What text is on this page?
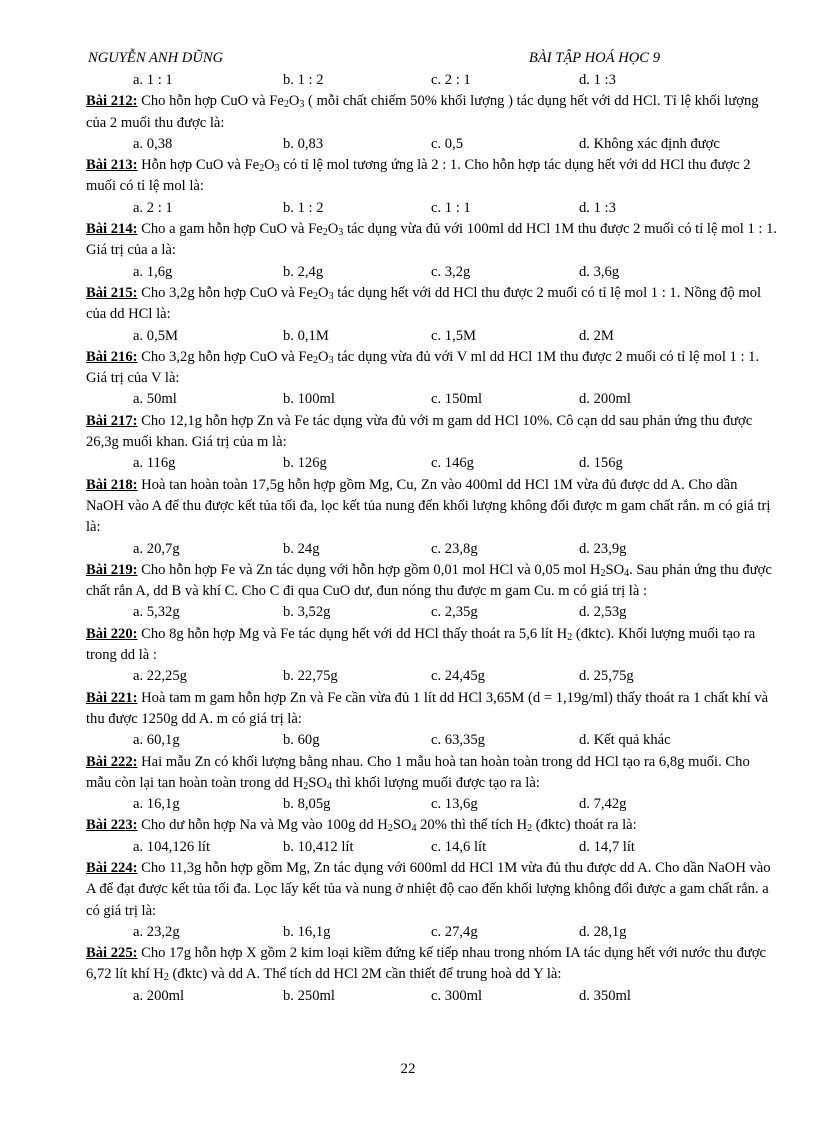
NGUYỄN ANH DŨNG	BÀI TẬP HOÁ HỌC 9
a. 1 : 1	b. 1 : 2	c. 2 : 1	d. 1 :3

Bài 212: Cho hỗn hợp CuO và $Fe_2O_3$ ( mỗi chất chiếm 50% khối lượng ) tác dụng hết với dd HCl. Tỉ lệ khối lượng của 2 muối thu được là:

a. 0,38	b. 0,83	c. 0,5	d. Không xác định được

Bài 213: Hỗn hợp CuO và $Fe_2O_3$ có tỉ lệ mol tương ứng là 2 : 1. Cho hỗn hợp tác dụng hết với dd HCl thu được 2 muối có tỉ lệ mol là:

a. 2 : 1	b. 1 : 2	c. 1 : 1	d. 1 :3

Bài 214: Cho a gam hỗn hợp CuO và $Fe_2O_3$ tác dụng vừa đủ với 100ml dd HCl 1M thu được 2 muối có tỉ lệ mol 1 : 1. Giá trị của a là:

a. 1,6g	b. 2,4g	c. 3,2g	d. 3,6g

Bài 215: Cho 3,2g hỗn hợp CuO và $Fe_2O_3$ tác dụng hết với dd HCl thu được 2 muối có tỉ lệ mol 1 : 1. Nồng độ mol của dd HCl là:

a. 0,5M	b. 0,1M	c. 1,5M	d. 2M

Bài 216: Cho 3,2g hỗn hợp CuO và $Fe_2O_3$ tác dụng vừa đủ với V ml dd HCl 1M thu được 2 muối có tỉ lệ mol 1 : 1. Giá trị của V là:

a. 50ml	b. 100ml	c. 150ml	d. 200ml

Bài 217: Cho 12,1g hỗn hợp Zn và Fe tác dụng vừa đủ với m gam dd HCl 10%. Cô cạn dd sau phản ứng thu được 26,3g muối khan. Giá trị của m là:

a. 116g	b. 126g	c. 146g	d. 156g

Bài 218: Hoà tan hoàn toàn 17,5g hỗn hợp gồm Mg, Cu, Zn vào 400ml dd HCl 1M vừa đủ được dd A. Cho dần NaOH vào A để thu được kết tủa tối đa, lọc kết tủa nung đến khối lượng không đổi được m gam chất rắn. m có giá trị là:

a. 20,7g	b. 24g	c. 23,8g	d. 23,9g

Bài 219: Cho hỗn hợp Fe và Zn tác dụng với hỗn hợp gồm 0,01 mol HCl và 0,05 mol $H_2SO_4$. Sau phản ứng thu được chất rắn A, dd B và khí C. Cho C đi qua CuO dư, đun nóng thu được m gam Cu. m có giá trị là :

a. 5,32g	b. 3,52g	c. 2,35g	d. 2,53g

Bài 220: Cho 8g hỗn hợp Mg và Fe tác dụng hết với dd HCl thấy thoát ra 5,6 lít $H_2$ (đktc). Khối lượng muối tạo ra trong dd là :

a. 22,25g	b. 22,75g	c. 24,45g	d. 25,75g

Bài 221: Hoà tam m gam hỗn hợp Zn và Fe cần vừa đủ 1 lít dd HCl 3,65M (d = 1,19g/ml) thấy thoát ra 1 chất khí và thu được 1250g dd A. m có giá trị là:

a. 60,1g	b. 60g	c. 63,35g	d. Kết quả khác

Bài 222: Hai mẫu Zn có khối lượng bằng nhau. Cho 1 mẫu hoà tan hoàn toàn trong dd HCl tạo ra 6,8g muối. Cho mẫu còn lại tan hoàn toàn trong dd $H_2SO_4$ thì khối lượng muối được tạo ra là:

a. 16,1g	b. 8,05g	c. 13,6g	d. 7,42g

Bài 223: Cho dư hỗn hợp Na và Mg vào 100g dd $H_2SO_4$ 20% thì thể tích $H_2$ (đktc) thoát ra là:

a. 104,126 lít	b. 10,412 lít	c. 14,6 lít	d. 14,7 lít

Bài 224: Cho 11,3g hỗn hợp gồm Mg, Zn tác dụng với 600ml dd HCl 1M vừa đủ thu được dd A. Cho dần NaOH vào A để đạt được kết tủa tối đa. Lọc lấy kết tủa và nung ở nhiệt độ cao đến khối lượng không đổi được a gam chất rắn. a có giá trị là:

a. 23,2g	b. 16,1g	c. 27,4g	d. 28,1g

Bài 225: Cho 17g hỗn hợp X gồm 2 kim loại kiềm đứng kế tiếp nhau trong nhóm IA tác dụng hết với nước thu được 6,72 lít khí $H_2$ (đktc) và dd A. Thể tích dd HCl 2M cần thiết để trung hoà dd Y là:

a. 200ml	b. 250ml	c. 300ml	d. 350ml
22
